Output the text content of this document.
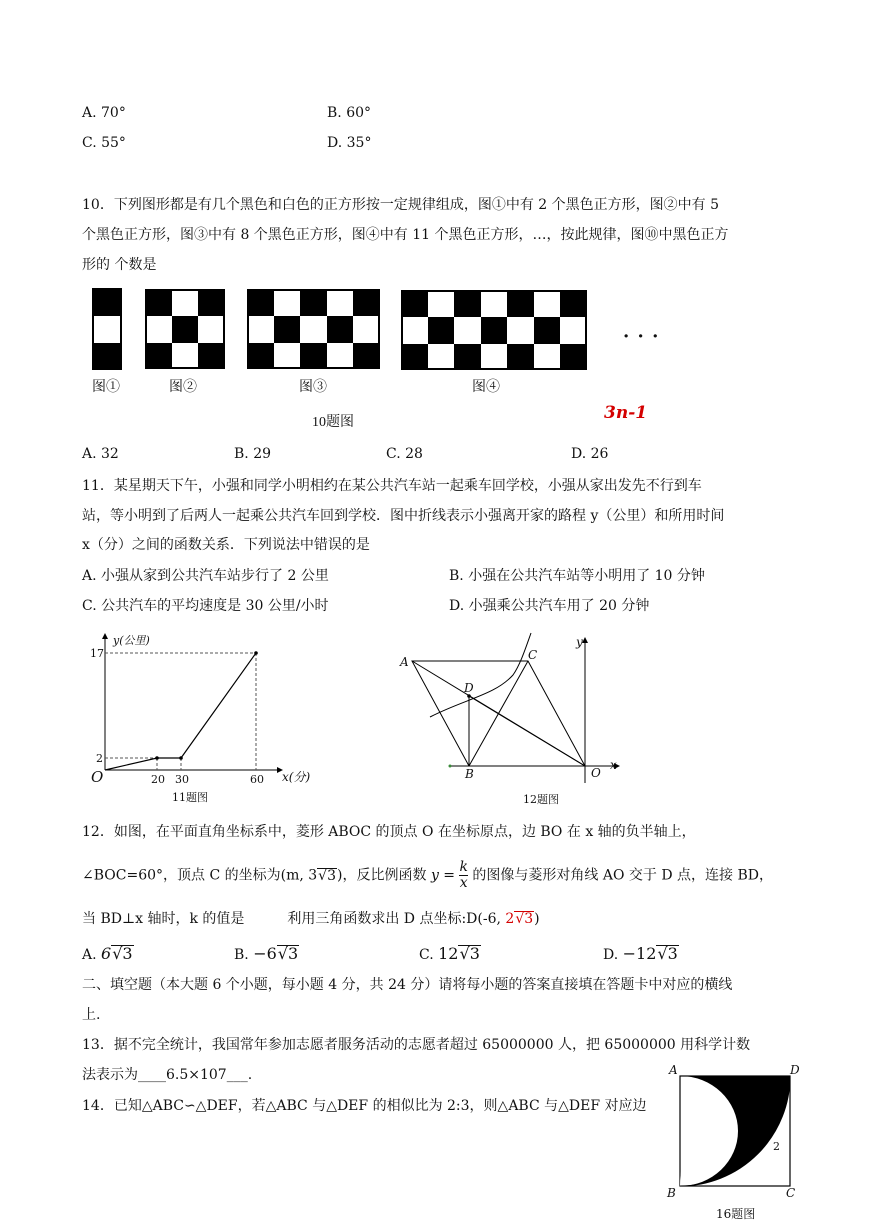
A. 70°	B. 60°
C. 55°	D. 35°
10．下列图形都是有几个黑色和白色的正方形按一定规律组成，图①中有 2 个黑色正方形，图②中有 5
个黑色正方形，图③中有 8 个黑色正方形，图④中有 11 个黑色正方形，…，按此规律，图⑩中黑色正方
形的 个数是
· · ·
图①	图②	图③	图④
10题图	3n-1
A. 32	B. 29	C. 28	D. 26
11．某星期天下午，小强和同学小明相约在某公共汽车站一起乘车回学校，小强从家出发先不行到车
站，等小明到了后两人一起乘公共汽车回到学校．图中折线表示小强离开家的路程 y（公里）和所用时间
x（分）之间的函数关系．下列说法中错误的是
A. 小强从家到公共汽车站步行了 2 公里	B. 小强在公共汽车站等小明用了 10 分钟
C. 公共汽车的平均速度是 30 公里/小时	D. 小强乘公共汽车用了 20 分钟
y(公里)
17
2
O	20 30	60 x(分)
11题图
A	C
D
B	O
x
y
12题图
12．如图，在平面直角坐标系中，菱形 ABOC 的顶点 O 在坐标原点，边 BO 在 x 轴的负半轴上，
∠BOC=60°，顶点 C 的坐标为(m, 3√3)，反比例函数 $y = \frac{k}{x}$ 的图像与菱形对角线 AO 交于 D 点，连接 BD，
当 BD⊥x 轴时，k 的值是	利用三角函数求出 D 点坐标:D(-6, 2√3)
A. 6√3	B. −6√3	C. 12√3	D. −12√3
二、填空题（本大题 6 个小题，每小题 4 分，共 24 分）请将每小题的答案直接填在答题卡中对应的横线
上.
13．据不完全统计，我国常年参加志愿者服务活动的志愿者超过 65000000 人，把 65000000 用科学计数
法表示为____6.5×107___.
14．已知△ABC∽△DEF，若△ABC 与△DEF 的相似比为 2:3，则△ABC 与△DEF 对应边
A	D
B	C
2
16题图
